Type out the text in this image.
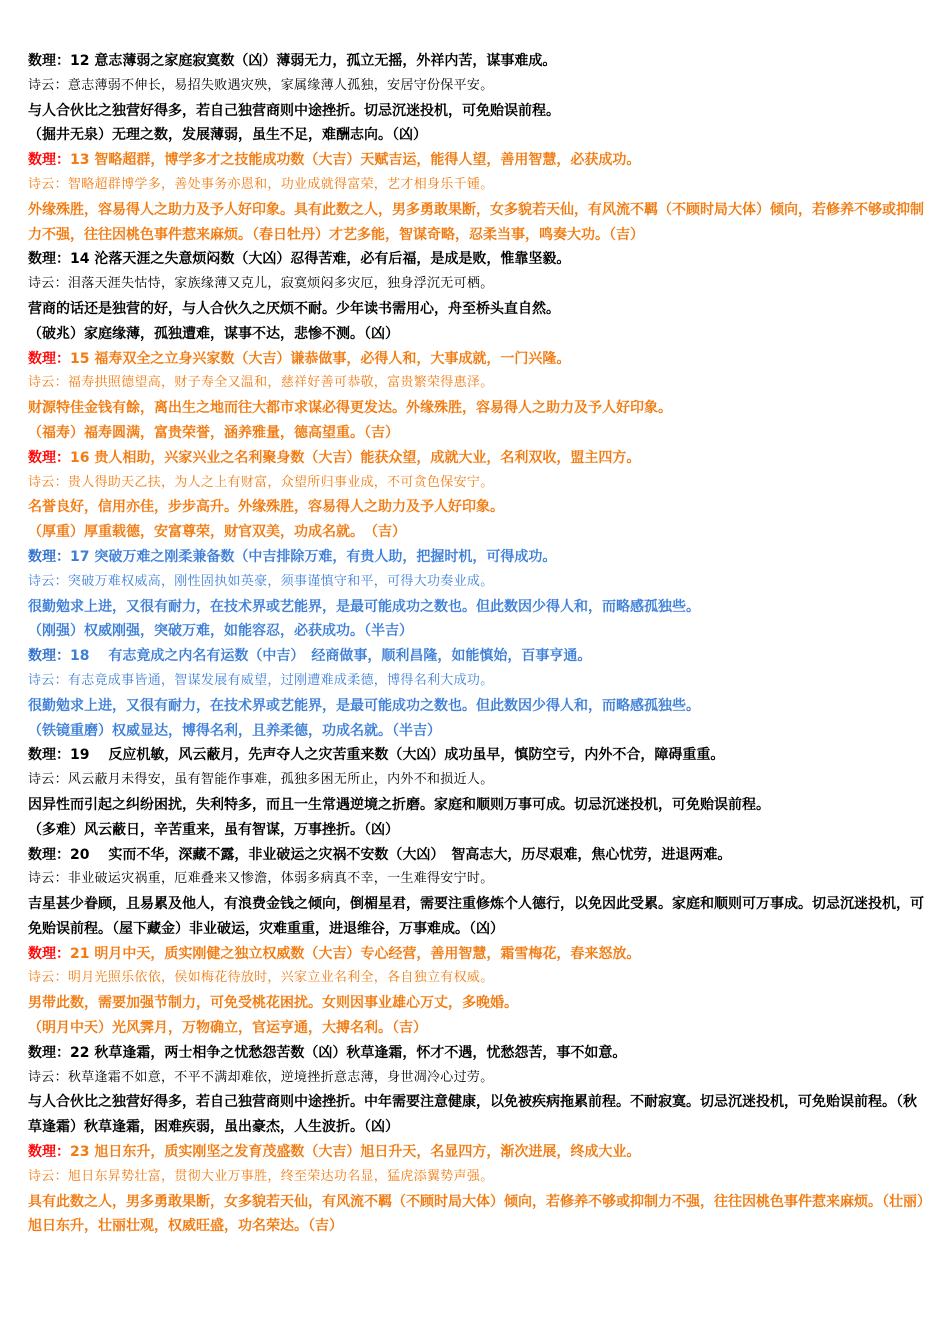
数理：12 意志薄弱之家庭寂寞数（凶）薄弱无力，孤立无摇，外祥内苦，谋事难成。
诗云：意志薄弱不伸长，易招失败遇灾殃，家属缘薄人孤独，安居守份保平安。
与人合伙比之独营好得多，若自己独营商则中途挫折。切忌沉迷投机，可免贻误前程。
（掘井无泉）无理之数，发展薄弱，虽生不足，难酬志向。（凶）
数理：13 智略超群，博学多才之技能成功数（大吉）天赋吉运，能得人望，善用智慧，必获成功。
诗云：智略超群博学多，善处事务亦恩和，功业成就得富荣，艺才相身乐千锺。
外缘殊胜，容易得人之助力及予人好印象。具有此数之人，男多勇敢果断，女多貌若天仙，有风流不羁（不顾时局大体）倾向，若修养不够或抑制力不强，往往因桃色事件惹来麻烦。（春日牡丹）才艺多能，智谋奇略，忍柔当事，鸣奏大功。（吉）
数理：14 沦落天涯之失意烦闷数（大凶）忍得苦难，必有后福，是成是败，惟靠坚毅。
诗云：泪落天涯失怙恃，家族缘薄又克儿，寂寞烦闷多灾厄，独身浮沉无可栖。
营商的话还是独营的好，与人合伙久之厌烦不耐。少年读书需用心，舟至桥头直自然。
（破兆）家庭缘薄，孤独遭难，谋事不达，悲惨不测。（凶）
数理：15 福寿双全之立身兴家数（大吉）谦恭做事，必得人和，大事成就，一门兴隆。
诗云：福寿拱照德望高，财子寿全又温和，慈祥好善可恭敬，富贵繁荣得惠泽。
财源特佳金钱有餘，离出生之地而往大都市求谋必得更发达。外缘殊胜，容易得人之助力及予人好印象。
（福寿）福寿圆满，富贵荣誉，涵养雅量，德高望重。（吉）
数理：16 贵人相助，兴家兴业之名利聚身数（大吉）能获众望，成就大业，名利双收，盟主四方。
诗云：贵人得助天乙扶，为人之上有财富，众望所归事业成，不可贪色保安宁。
名誉良好，信用亦佳，步步高升。外缘殊胜，容易得人之助力及予人好印象。
（厚重）厚重载德，安富尊荣，财官双美，功成名就。　（吉）
数理：17 突破万难之刚柔兼备数（中吉排除万难，有贵人助，把握时机，可得成功。
诗云：突破万难权威高，刚性固执如英豪，须事谨慎守和平，可得大功奏业成。
很勤勉求上进，又很有耐力，在技术界或艺能界，是最可能成功之数也。但此数因少得人和，而略感孤独些。
（刚强）权威刚强，突破万难，如能容忍，必获成功。（半吉）
数理：18 　有志竟成之内名有运数（中吉）　经商做事，顺利昌隆，如能慎始，百事亨通。
诗云：有志竟成事皆通，智谋发展有威望，过刚遭难成柔德，博得名利大成功。
很勤勉求上进，又很有耐力，在技术界或艺能界，是最可能成功之数也。但此数因少得人和，而略感孤独些。
（铁镜重磨）权威显达，博得名利，且养柔德，功成名就。（半吉）
数理：19 　反应机敏，风云蔽月，先声夺人之灾苦重来数（大凶）成功虽早，慎防空亏，内外不合，障碍重重。
诗云：风云蔽月未得安，虽有智能作事难，孤独多困无所止，内外不和损近人。
因异性而引起之纠纷困扰，失利特多，而且一生常遇逆境之折磨。家庭和顺则万事可成。切忌沉迷投机，可免贻误前程。
（多难）风云蔽日，辛苦重来，虽有智谋，万事挫折。（凶）
数理：20 　实而不华，深藏不露，非业破运之灾祸不安数（大凶）　智高志大，历尽艰难，焦心忧劳，进退两难。
诗云：非业破运灾祸重，厄难叠来又惨澹，体弱多病真不幸，一生难得安宁时。
吉星甚少眷顾，且易累及他人，有浪费金钱之倾向，倒楣星君，需要注重修炼个人德行，以免因此受累。家庭和顺则可万事成。切忌沉迷投机，可免贻误前程。（屋下藏金）非业破运，灾难重重，进退维谷，万事难成。（凶）
数理：21 明月中天，质实刚健之独立权威数（大吉）专心经营，善用智慧，霜雪梅花，春来怒放。
诗云：明月光照乐依依，侯如梅花待放时，兴家立业名利全，各自独立有权威。
男带此数，需要加强节制力，可免受桃花困扰。女则因事业雄心万丈，多晚婚。
（明月中天）光风霁月，万物确立，官运亨通，大搏名利。（吉）
数理：22 秋草逢霜，两士相争之忧愁怨苦数（凶）秋草逢霜，怀才不遇，忧愁怨苦，事不如意。
诗云：秋草逢霜不如意，不平不满却难依，逆境挫折意志薄，身世凋冷心过劳。
与人合伙比之独营好得多，若自己独营商则中途挫折。中年需要注意健康，以免被疾病拖累前程。不耐寂寞。切忌沉迷投机，可免贻误前程。（秋草逢霜）秋草逢霜，困难疾弱，虽出豪杰，人生波折。（凶）
数理：23 旭日东升，质实刚坚之发育茂盛数（大吉）旭日升天，名显四方，渐次进展，终成大业。
诗云：旭日东昇势壮富，贯彻大业万事胜，终至荣达功名显，猛虎添翼势声强。
具有此数之人，男多勇敢果断，女多貌若天仙，有风流不羁（不顾时局大体）倾向，若修养不够或抑制力不强，往往因桃色事件惹来麻烦。（壮丽）旭日东升，壮丽壮观，权威旺盛，功名荣达。（吉）
